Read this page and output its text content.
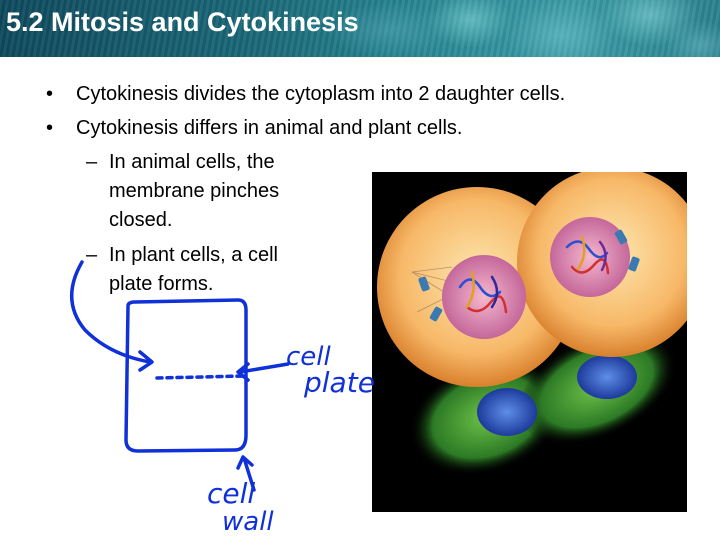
5.2 Mitosis and Cytokinesis
• Cytokinesis divides the cytoplasm into 2 daughter cells.
• Cytokinesis differs in animal and plant cells.
– In animal cells, the
membrane pinches
closed.
– In plant cells, a cell
plate forms.
cell
plate
cell
wall
